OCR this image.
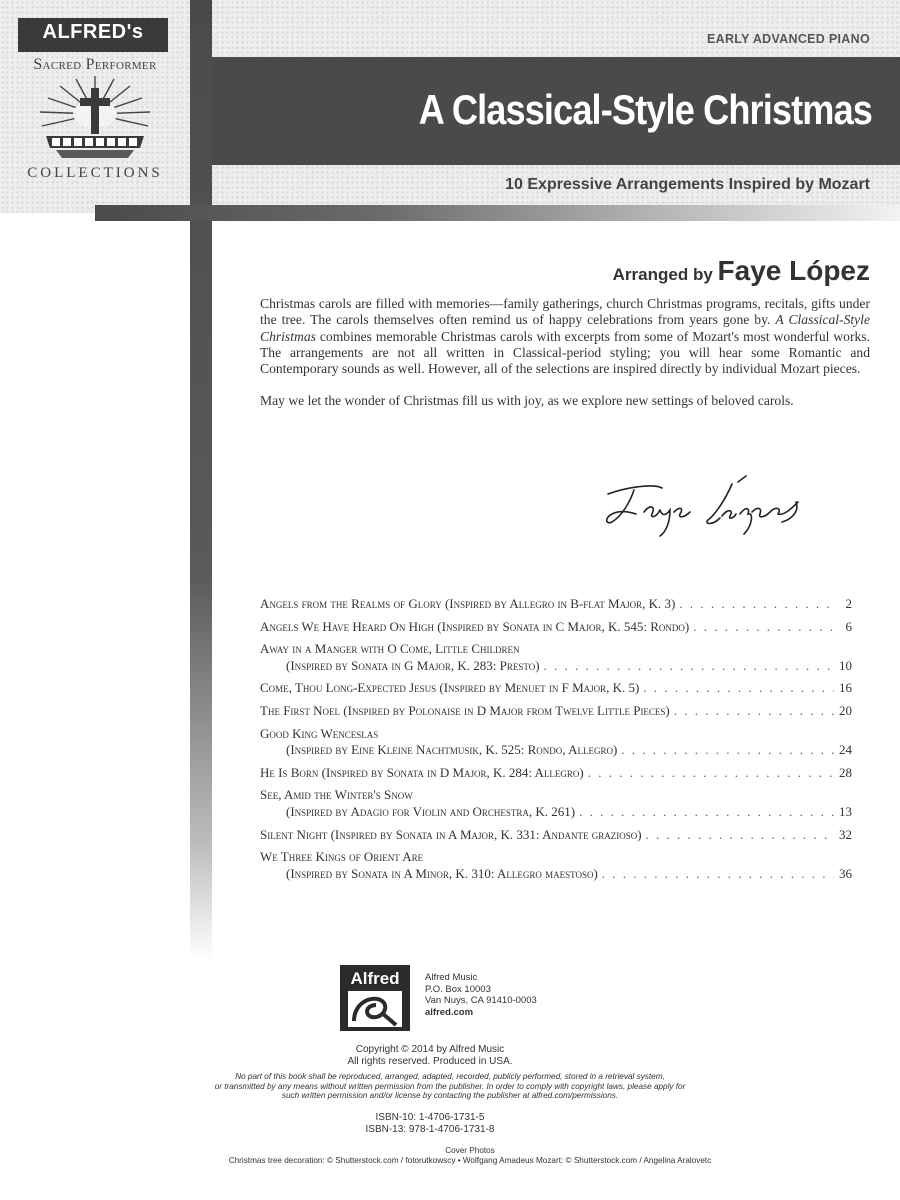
ALFRED's
Sacred Performer
COLLECTIONS
EARLY ADVANCED PIANO
A Classical-Style Christmas
10 Expressive Arrangements Inspired by Mozart
Arranged by Faye López

Christmas carols are filled with memories—family gatherings, church Christmas programs, recitals, gifts under the tree. The carols themselves often remind us of happy celebrations from years gone by. A Classical-Style Christmas combines memorable Christmas carols with excerpts from some of Mozart's most wonderful works. The arrangements are not all written in Classical-period styling; you will hear some Romantic and Contemporary sounds as well. However, all of the selections are inspired directly by individual Mozart pieces.

May we let the wonder of Christmas fill us with joy, as we explore new settings of beloved carols.

Angels from the Realms of Glory (Inspired by Allegro in B-flat Major, K. 3) . . .	2
Angels We Have Heard On High (Inspired by Sonata in C Major, K. 545: Rondo) . . .	6
Away in a Manger with O Come, Little Children
(Inspired by Sonata in G Major, K. 283: Presto) . . .	10
Come, Thou Long-Expected Jesus (Inspired by Menuet in F Major, K. 5) . . .	16
The First Noel (Inspired by Polonaise in D Major from Twelve Little Pieces) . . .	20
Good King Wenceslas
(Inspired by Eine Kleine Nachtmusik, K. 525: Rondo, Allegro) . . .	24
He Is Born (Inspired by Sonata in D Major, K. 284: Allegro) . . .	28
See, Amid the Winter's Snow
(Inspired by Adagio for Violin and Orchestra, K. 261) . . .	13
Silent Night (Inspired by Sonata in A Major, K. 331: Andante grazioso) . . .	32
We Three Kings of Orient Are
(Inspired by Sonata in A Minor, K. 310: Allegro maestoso) . . .	36
Alfred	Alfred Music
P.O. Box 10003
Van Nuys, CA 91410-0003
alfred.com
Copyright © 2014 by Alfred Music
All rights reserved. Produced in USA.
No part of this book shall be reproduced, arranged, adapted, recorded, publicly performed, stored in a retrieval system,
or transmitted by any means without written permission from the publisher. In order to comply with copyright laws, please apply for
such written permission and/or license by contacting the publisher at alfred.com/permissions.
ISBN-10: 1-4706-1731-5
ISBN-13: 978-1-4706-1731-8
Cover Photos
Christmas tree decoration: © Shutterstock.com / fotorutkowscy • Wolfgang Amadeus Mozart: © Shutterstock.com / Angelina Aralovetc
